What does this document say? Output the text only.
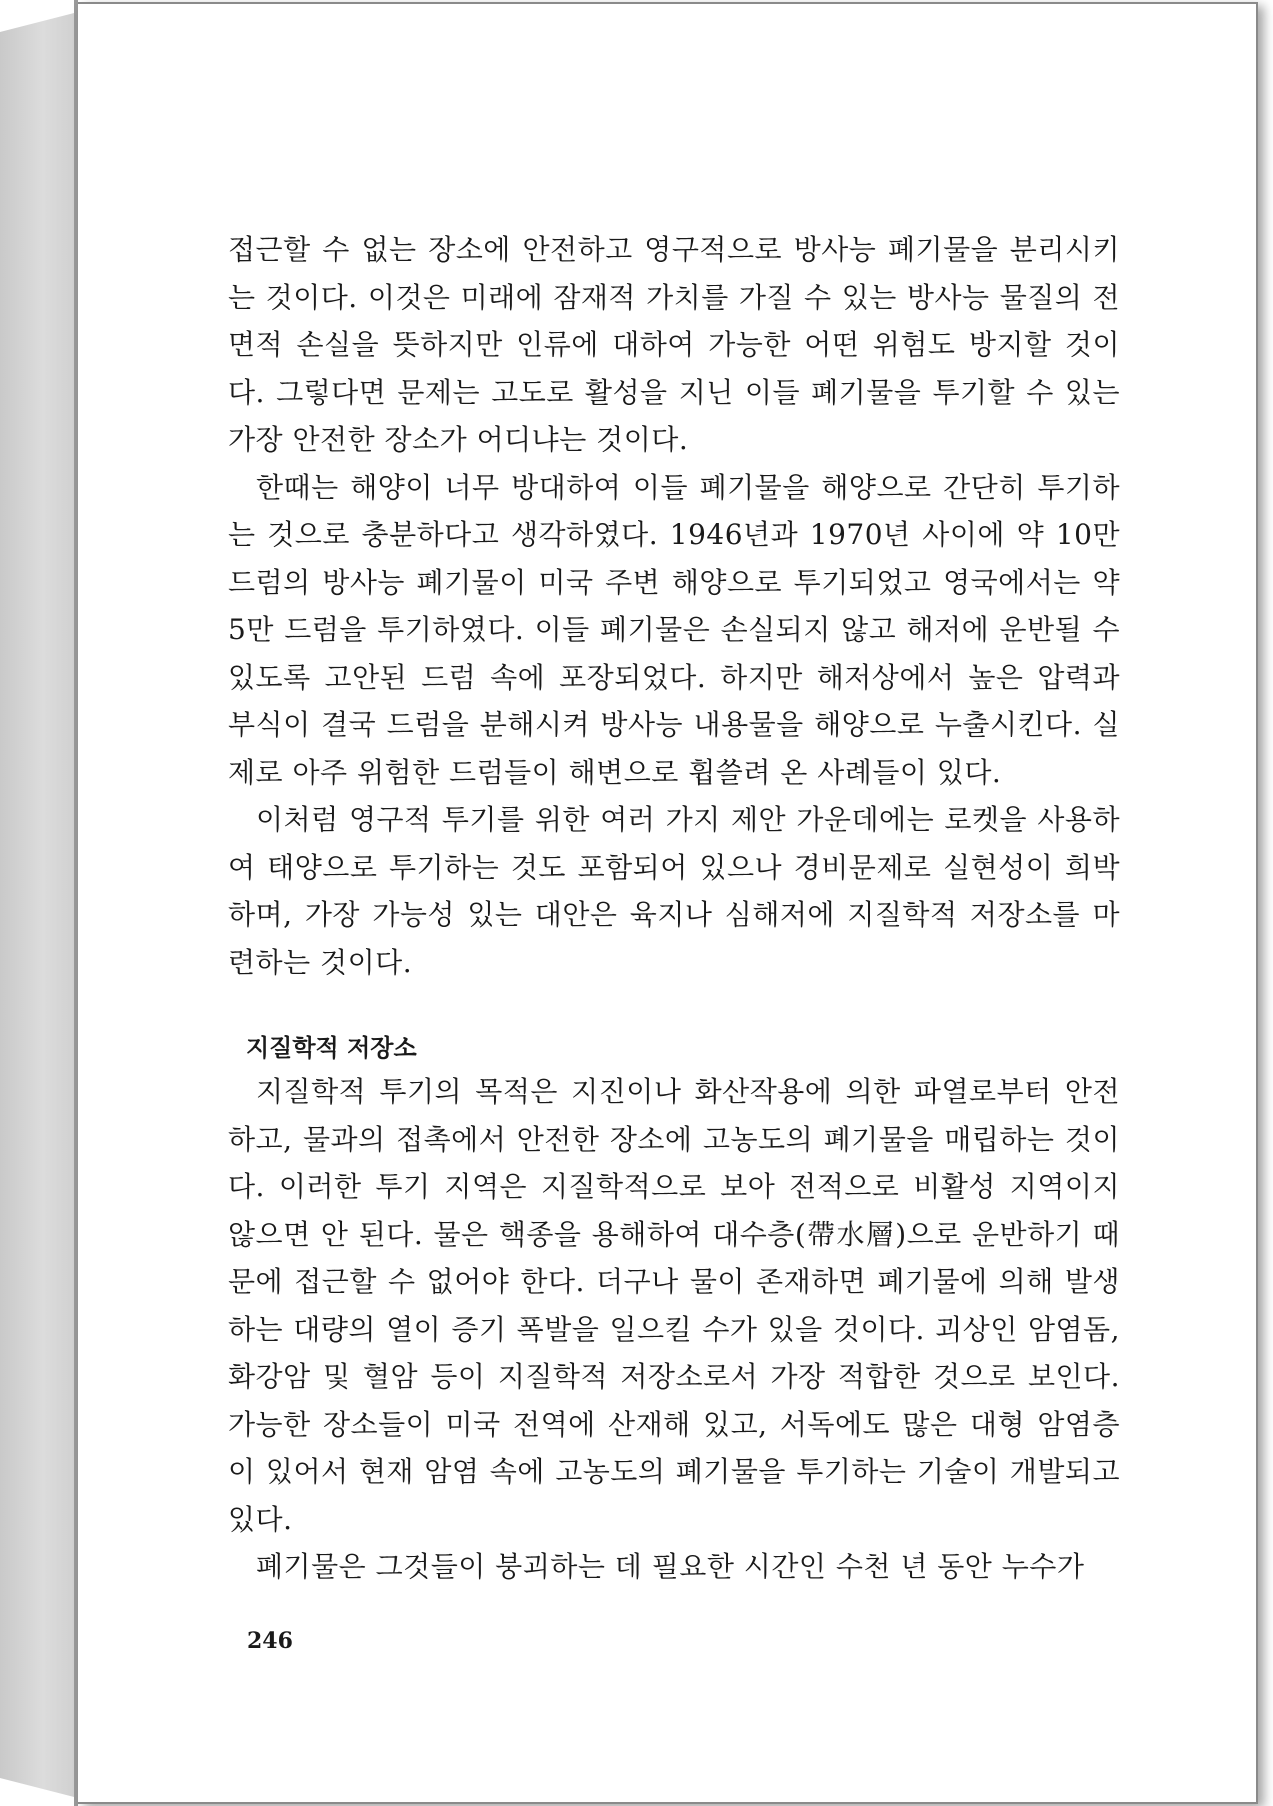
접근할 수 없는 장소에 안전하고 영구적으로 방사능 폐기물을 분리시키는 것이다. 이것은 미래에 잠재적 가치를 가질 수 있는 방사능 물질의 전면적 손실을 뜻하지만 인류에 대하여 가능한 어떤 위험도 방지할 것이다. 그렇다면 문제는 고도로 활성을 지닌 이들 폐기물을 투기할 수 있는 가장 안전한 장소가 어디냐는 것이다.

한때는 해양이 너무 방대하여 이들 폐기물을 해양으로 간단히 투기하는 것으로 충분하다고 생각하였다. 1946년과 1970년 사이에 약 10만 드럼의 방사능 폐기물이 미국 주변 해양으로 투기되었고 영국에서는 약 5만 드럼을 투기하였다. 이들 폐기물은 손실되지 않고 해저에 운반될 수 있도록 고안된 드럼 속에 포장되었다. 하지만 해저상에서 높은 압력과 부식이 결국 드럼을 분해시켜 방사능 내용물을 해양으로 누출시킨다. 실제로 아주 위험한 드럼들이 해변으로 휩쓸려 온 사례들이 있다.

이처럼 영구적 투기를 위한 여러 가지 제안 가운데에는 로켓을 사용하여 태양으로 투기하는 것도 포함되어 있으나 경비문제로 실현성이 희박하며, 가장 가능성 있는 대안은 육지나 심해저에 지질학적 저장소를 마련하는 것이다.

지질학적 저장소

지질학적 투기의 목적은 지진이나 화산작용에 의한 파열로부터 안전하고, 물과의 접촉에서 안전한 장소에 고농도의 폐기물을 매립하는 것이다. 이러한 투기 지역은 지질학적으로 보아 전적으로 비활성 지역이지 않으면 안 된다. 물은 핵종을 용해하여 대수층(帶水層)으로 운반하기 때문에 접근할 수 없어야 한다. 더구나 물이 존재하면 폐기물에 의해 발생하는 대량의 열이 증기 폭발을 일으킬 수가 있을 것이다. 괴상인 암염돔, 화강암 및 혈암 등이 지질학적 저장소로서 가장 적합한 것으로 보인다. 가능한 장소들이 미국 전역에 산재해 있고, 서독에도 많은 대형 암염층이 있어서 현재 암염 속에 고농도의 폐기물을 투기하는 기술이 개발되고 있다.

폐기물은 그것들이 붕괴하는 데 필요한 시간인 수천 년 동안 누수가

246
